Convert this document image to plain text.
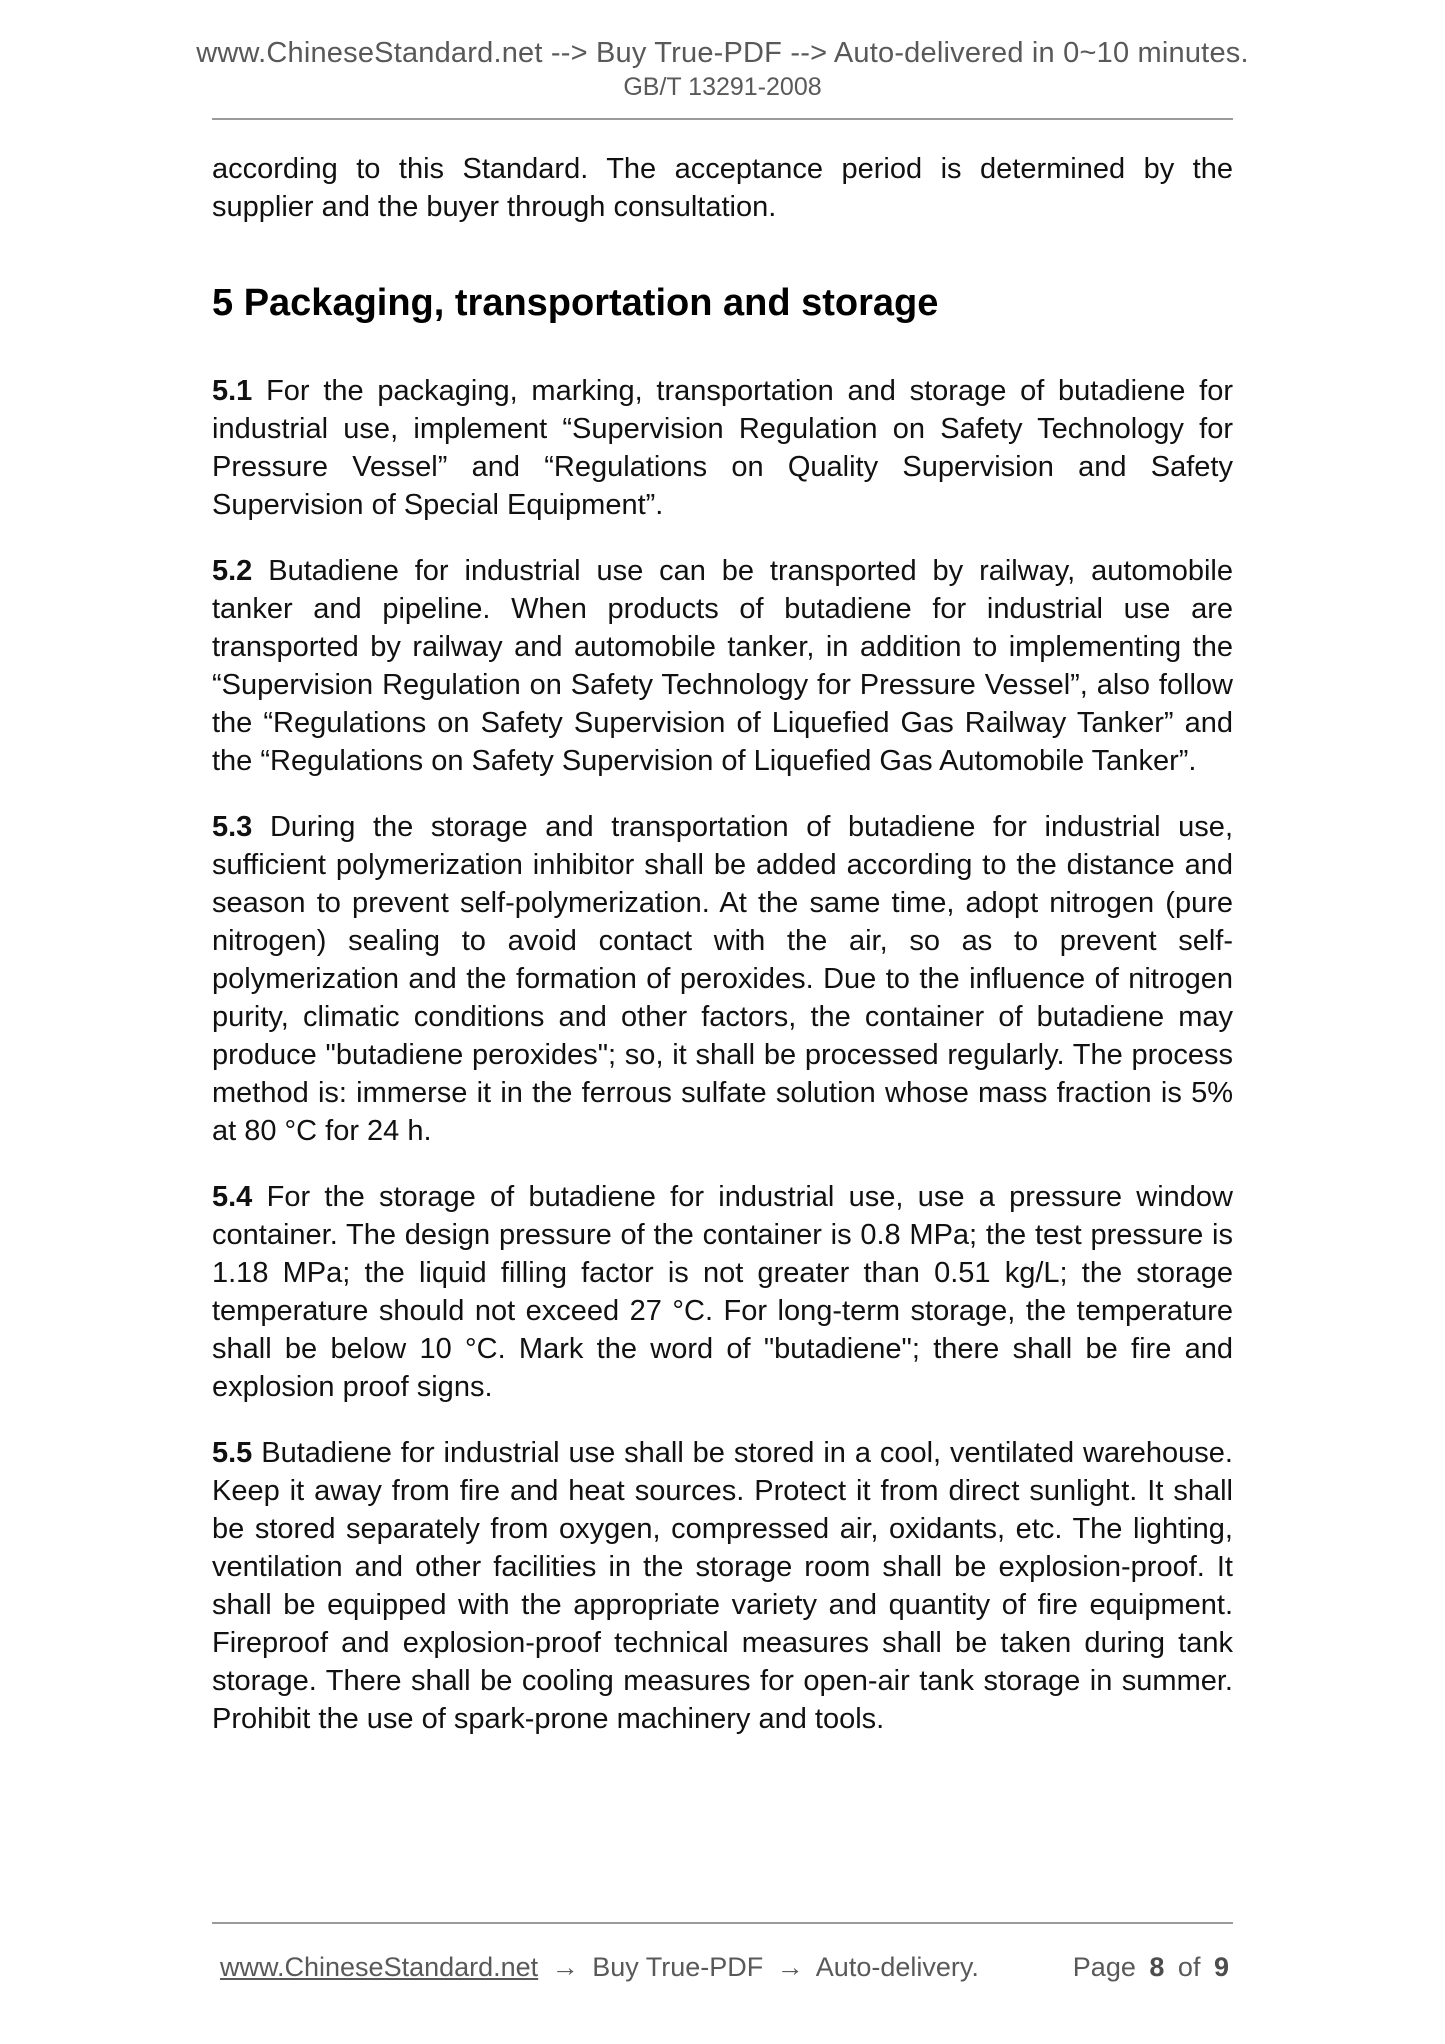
www.ChineseStandard.net --> Buy True-PDF --> Auto-delivered in 0~10 minutes.
GB/T 13291-2008

according to this Standard. The acceptance period is determined by the supplier and the buyer through consultation.

5 Packaging, transportation and storage

5.1 For the packaging, marking, transportation and storage of butadiene for industrial use, implement “Supervision Regulation on Safety Technology for Pressure Vessel” and “Regulations on Quality Supervision and Safety Supervision of Special Equipment”.

5.2 Butadiene for industrial use can be transported by railway, automobile tanker and pipeline. When products of butadiene for industrial use are transported by railway and automobile tanker, in addition to implementing the “Supervision Regulation on Safety Technology for Pressure Vessel”, also follow the “Regulations on Safety Supervision of Liquefied Gas Railway Tanker” and the “Regulations on Safety Supervision of Liquefied Gas Automobile Tanker”.

5.3 During the storage and transportation of butadiene for industrial use, sufficient polymerization inhibitor shall be added according to the distance and season to prevent self-polymerization. At the same time, adopt nitrogen (pure nitrogen) sealing to avoid contact with the air, so as to prevent self-polymerization and the formation of peroxides. Due to the influence of nitrogen purity, climatic conditions and other factors, the container of butadiene may produce "butadiene peroxides"; so, it shall be processed regularly. The process method is: immerse it in the ferrous sulfate solution whose mass fraction is 5% at 80 °C for 24 h.

5.4 For the storage of butadiene for industrial use, use a pressure window container. The design pressure of the container is 0.8 MPa; the test pressure is 1.18 MPa; the liquid filling factor is not greater than 0.51 kg/L; the storage temperature should not exceed 27 °C. For long-term storage, the temperature shall be below 10 °C. Mark the word of "butadiene"; there shall be fire and explosion proof signs.

5.5 Butadiene for industrial use shall be stored in a cool, ventilated warehouse. Keep it away from fire and heat sources. Protect it from direct sunlight. It shall be stored separately from oxygen, compressed air, oxidants, etc. The lighting, ventilation and other facilities in the storage room shall be explosion-proof. It shall be equipped with the appropriate variety and quantity of fire equipment. Fireproof and explosion-proof technical measures shall be taken during tank storage. There shall be cooling measures for open-air tank storage in summer. Prohibit the use of spark-prone machinery and tools.

www.ChineseStandard.net → Buy True-PDF → Auto-delivery.	Page 8 of 9
